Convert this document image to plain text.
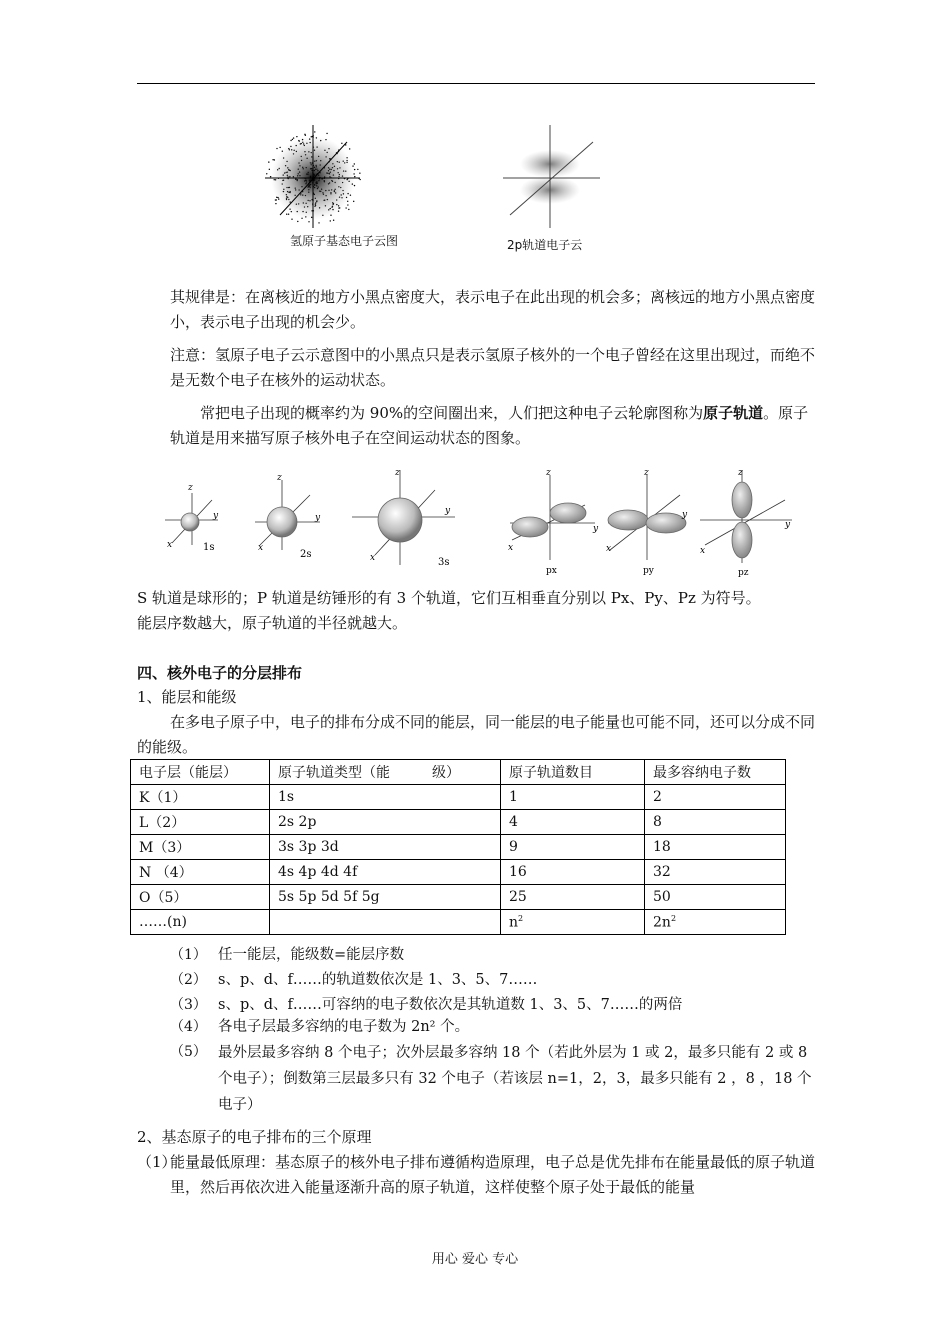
氢原子基态电子云图	2p轨道电子云
其规律是：在离核近的地方小黑点密度大，表示电子在此出现的机会多；离核远的地方小黑点密度小，表示电子出现的机会少。
注意：氢原子电子云示意图中的小黑点只是表示氢原子核外的一个电子曾经在这里出现过，而绝不是无数个电子在核外的运动状态。
常把电子出现的概率约为 90%的空间圈出来，人们把这种电子云轮廓图称为原子轨道。原子轨道是用来描写原子核外电子在空间运动状态的图象。
z
y
x	1s
z
y
x
2s
z
y
x	3s
z
y
x
px
z
y
x
py
z
y
x
pz
S 轨道是球形的；P 轨道是纺锤形的有 3 个轨道，它们互相垂直分别以 Px、Py、Pz 为符号。
能层序数越大，原子轨道的半径就越大。
四、核外电子的分层排布
1、能层和能级
在多电子原子中，电子的排布分成不同的能层，同一能层的电子能量也可能不同，还可以分成不同的能级。
电子层（能层）	原子轨道类型（能　　　级）	原子轨道数目	最多容纳电子数
K（1）	1s	1	2
L（2）	2s 2p	4	8
M（3）	3s 3p 3d	9	18
N （4）	4s 4p 4d 4f	16	32
O（5）	5s 5p 5d 5f 5g	25	50
……(n)		$n^2$	$2n^2$
（1） 任一能层，能级数=能层序数
（2） s、p、d、f……的轨道数依次是 1、3、5、7……
（3） s、p、d、f……可容纳的电子数依次是其轨道数 1、3、5、7……的两倍
（4） 各电子层最多容纳的电子数为 2n² 个。
（5） 最外层最多容纳 8 个电子；次外层最多容纳 18 个（若此外层为 1 或 2，最多只能有 2 或 8 个电子）；倒数第三层最多只有 32 个电子（若该层 n=1，2，3，最多只能有 2 ，8 ，18 个电子）
2、基态原子的电子排布的三个原理
（1）
能量最低原理：基态原子的核外电子排布遵循构造原理，电子总是优先排布在能量最低的原子轨道里，然后再依次进入能量逐渐升高的原子轨道，这样使整个原子处于最低的能量
用心 爱心 专心
